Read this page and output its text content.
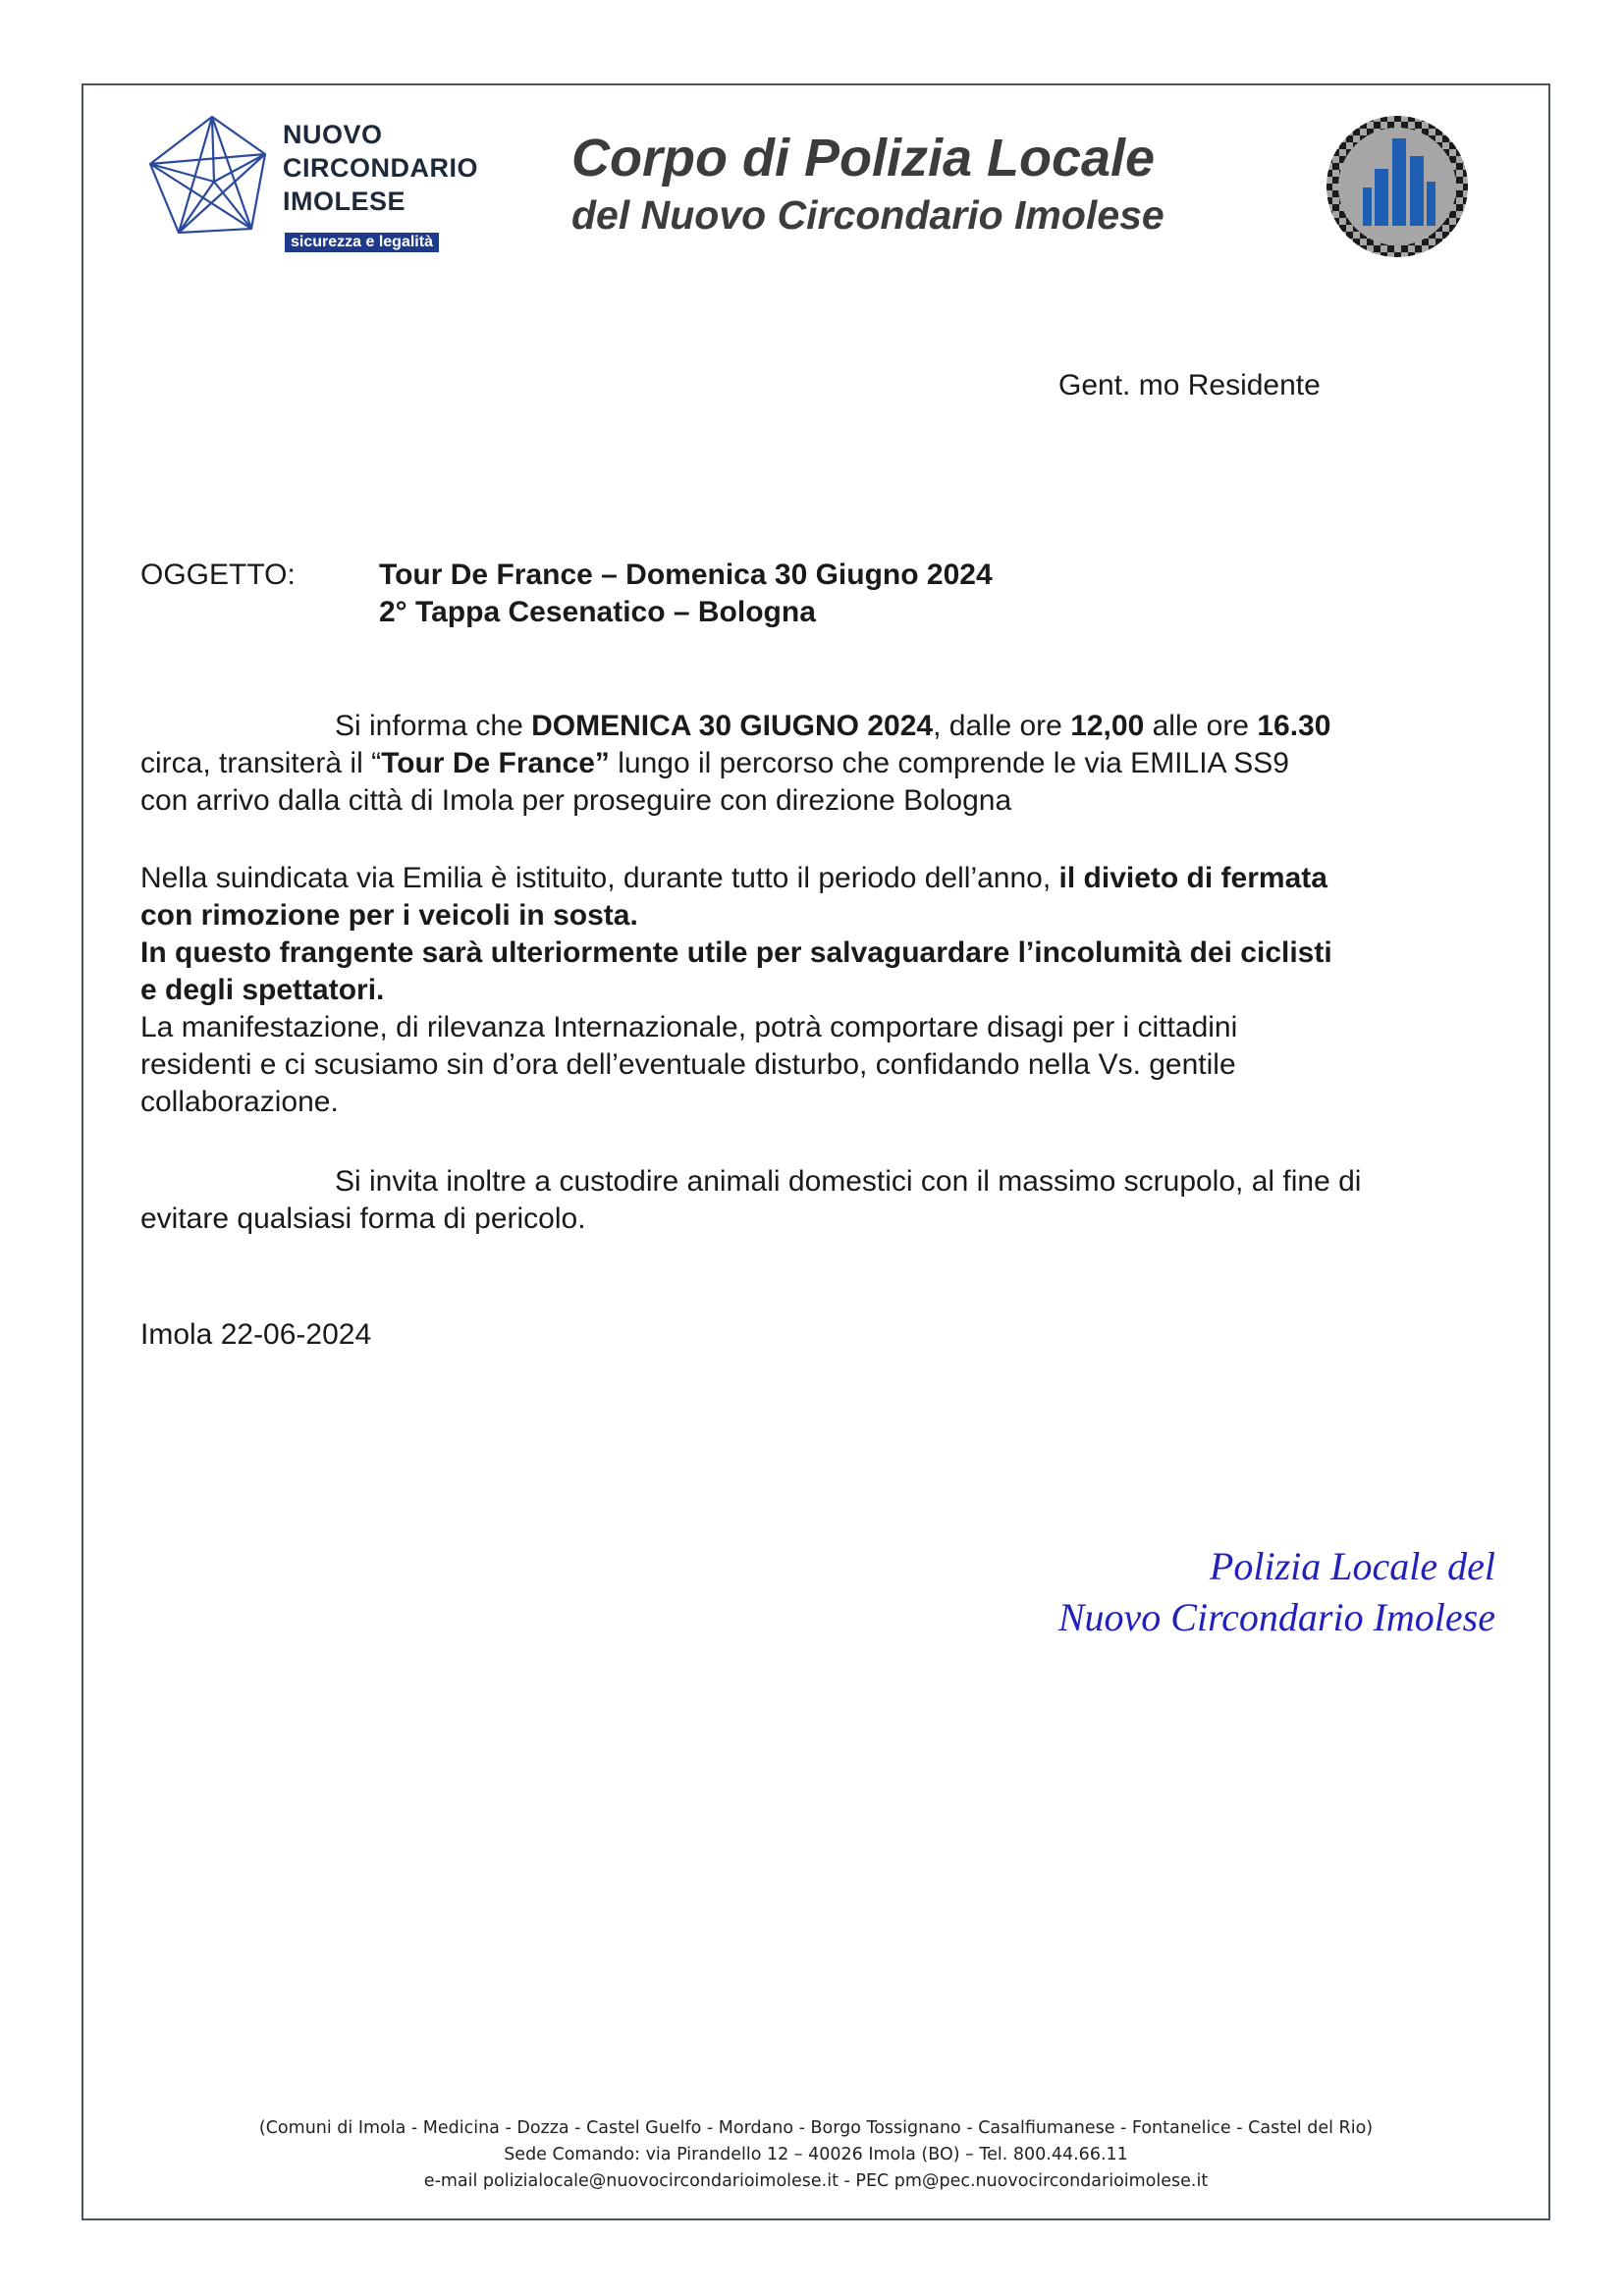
NUOVO
CIRCONDARIO
IMOLESE
sicurezza e legalità
Corpo di Polizia Locale
del Nuovo Circondario Imolese
Gent. mo Residente
OGGETTO:	Tour De France – Domenica 30 Giugno 2024
2° Tappa Cesenatico – Bologna

Si informa che DOMENICA 30 GIUGNO 2024, dalle ore 12,00 alle ore 16.30

circa, transiterà il “Tour De France” lungo il percorso che comprende le via EMILIA SS9

con arrivo dalla città di Imola per proseguire con direzione Bologna

Nella suindicata via Emilia è istituito, durante tutto il periodo dell’anno, il divieto di fermata

con rimozione per i veicoli in sosta.

In questo frangente sarà ulteriormente utile per salvaguardare l’incolumità dei ciclisti

e degli spettatori.

La manifestazione, di rilevanza Internazionale, potrà comportare disagi per i cittadini

residenti e ci scusiamo sin d’ora dell’eventuale disturbo, confidando nella Vs. gentile

collaborazione.

Si invita inoltre a custodire animali domestici con il massimo scrupolo, al fine di

evitare qualsiasi forma di pericolo.

Imola 22-06-2024
Polizia Locale del
Nuovo Circondario Imolese
(Comuni di Imola - Medicina - Dozza - Castel Guelfo - Mordano - Borgo Tossignano - Casalfiumanese - Fontanelice - Castel del Rio)
Sede Comando: via Pirandello 12 – 40026 Imola (BO) – Tel. 800.44.66.11
e-mail polizialocale@nuovocircondarioimolese.it - PEC pm@pec.nuovocircondarioimolese.it
